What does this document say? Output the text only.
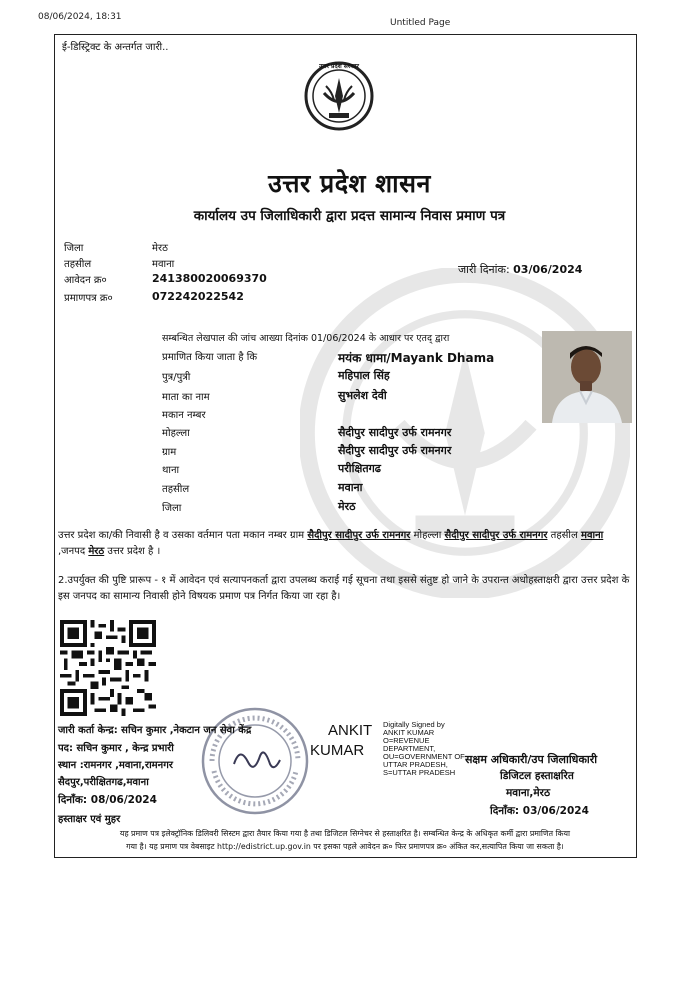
08/06/2024, 18:31
Untitled Page
ई-डिस्ट्रिक्ट के अन्तर्गत जारी..
उत्तर प्रदेश सरकार
उत्तर प्रदेश शासन
कार्यालय उप जिलाधिकारी द्वारा प्रदत्त सामान्य निवास प्रमाण पत्र
जिला	मेरठ
तहसील	मवाना
आवेदन क्र०	241380020069370
प्रमाणपत्र क्र०	072242022542
जारी दिनांक: 03/06/2024
सम्बन्धित लेखपाल की जांच आख्या दिनांक 01/06/2024 के आधार पर एतद् द्वारा
प्रमाणित किया जाता है कि	मयंक धामा/Mayank Dhama
पुत्र/पुत्री	महिपाल सिंह
माता का नाम	सुभलेश देवी
मकान नम्बर
मोहल्ला	सैदीपुर सादीपुर उर्फ रामनगर
ग्राम	सैदीपुर सादीपुर उर्फ रामनगर
थाना	परीक्षितगढ
तहसील	मवाना
जिला	मेरठ
उत्तर प्रदेश का/की निवासी है व उसका वर्तमान पता मकान नम्बर ग्राम सैदीपुर सादीपुर उर्फ रामनगर मोहल्ला सैदीपुर सादीपुर उर्फ रामनगर तहसील मवाना ,जनपद मेरठ उत्तर प्रदेश है ।
2.उपर्युक्त की पुष्टि प्रारूप - १ में आवेदन एवं सत्यापनकर्ता द्वारा उपलब्ध कराई गई सूचना तथा इससे संतुष्ट हो जाने के उपरान्त अधोहस्ताक्षरी द्वारा उत्तर प्रदेश के इस जनपद का सामान्य निवासी होने विषयक प्रमाण पत्र निर्गत किया जा रहा है।
जारी कर्ता केन्द्र: सचिन कुमार ,नेकटान जन सेवा केंद्र
पद: सचिन कुमार , केन्द्र प्रभारी
स्थान :रामनगर ,मवाना,रामनगर
सैदपुर,परीक्षितगढ,मवाना
दिनाँक: 08/06/2024
हस्ताक्षर एवं मुहर
ANKIT
KUMAR
Digitally Signed by
ANKIT KUMAR
O=REVENUE
DEPARTMENT,
OU=GOVERNMENT OF
UTTAR PRADESH,
S=UTTAR PRADESH
सक्षम अधिकारी/उप जिलाधिकारी
डिजिटल हस्ताक्षरित
मवाना,मेरठ
दिनाँक: 03/06/2024
यह प्रमाण पत्र इलेक्ट्रॉनिक डिलिवरी सिस्टम द्वारा तैयार किया गया है तथा डिजिटल सिग्नेचर से हस्ताक्षरित है। सम्बन्धित केन्द्र के अधिकृत कर्मी द्वारा प्रमाणित किया
गया है। यह प्रमाण पत्र वेबसाइट http://edistrict.up.gov.in पर इसका पहले आवेदन क्र० फिर प्रमाणपत्र क्र० अंकित कर,सत्यापित किया जा सकता है।
